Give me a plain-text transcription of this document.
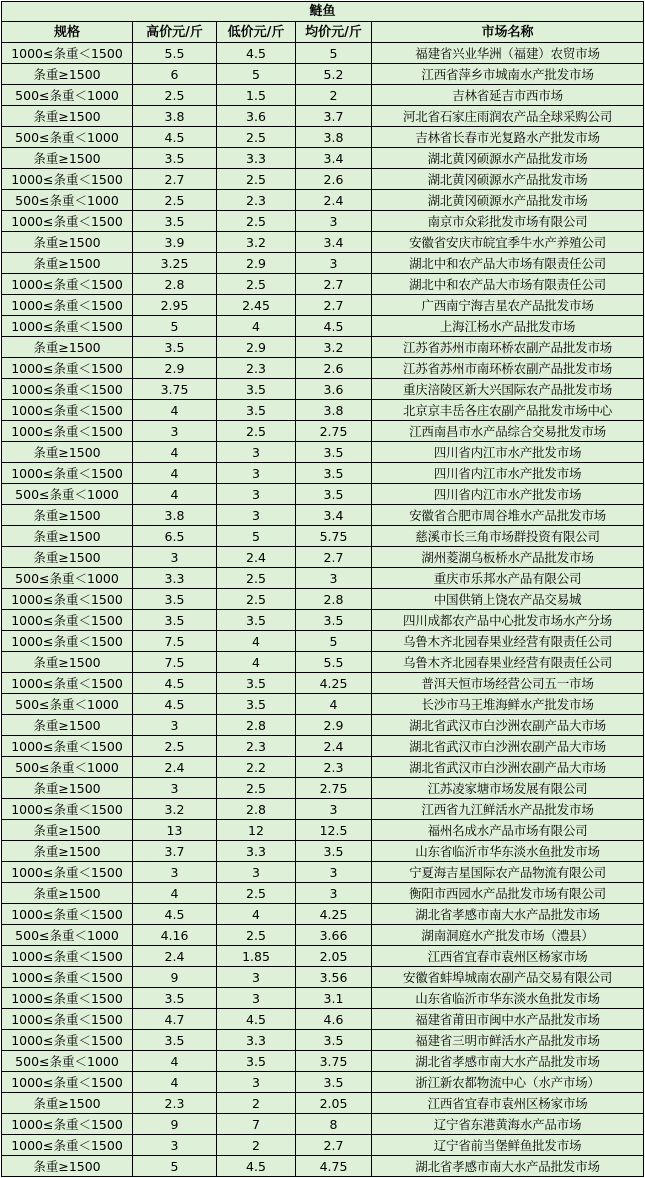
鲢鱼				
规格	高价元/斤	低价元/斤	均价元/斤	市场名称
1000≤条重＜1500	5.5	4.5	5	福建省兴业华洲（福建）农贸市场
条重≥1500	6	5	5.2	江西省萍乡市城南水产批发市场
500≤条重＜1000	2.5	1.5	2	吉林省延吉市西市场
条重≥1500	3.8	3.6	3.7	河北省石家庄雨润农产品全球采购公司
500≤条重＜1000	4.5	2.5	3.8	吉林省长春市光复路水产批发市场
条重≥1500	3.5	3.3	3.4	湖北黄冈硕源水产品批发市场
1000≤条重＜1500	2.7	2.5	2.6	湖北黄冈硕源水产品批发市场
500≤条重＜1000	2.5	2.3	2.4	湖北黄冈硕源水产品批发市场
1000≤条重＜1500	3.5	2.5	3	南京市众彩批发市场有限公司
条重≥1500	3.9	3.2	3.4	安徽省安庆市皖宜季牛水产养殖公司
条重≥1500	3.25	2.9	3	湖北中和农产品大市场有限责任公司
1000≤条重＜1500	2.8	2.5	2.7	湖北中和农产品大市场有限责任公司
1000≤条重＜1500	2.95	2.45	2.7	广西南宁海吉星农产品批发市场
1000≤条重＜1500	5	4	4.5	上海江杨水产品批发市场
条重≥1500	3.5	2.9	3.2	江苏省苏州市南环桥农副产品批发市场
1000≤条重＜1500	2.9	2.3	2.6	江苏省苏州市南环桥农副产品批发市场
1000≤条重＜1500	3.75	3.5	3.6	重庆涪陵区新大兴国际农产品批发市场
1000≤条重＜1500	4	3.5	3.8	北京京丰岳各庄农副产品批发市场中心
1000≤条重＜1500	3	2.5	2.75	江西南昌市水产品综合交易批发市场
条重≥1500	4	3	3.5	四川省内江市水产批发市场
1000≤条重＜1500	4	3	3.5	四川省内江市水产批发市场
500≤条重＜1000	4	3	3.5	四川省内江市水产批发市场
条重≥1500	3.8	3	3.4	安徽省合肥市周谷堆水产品批发市场
条重≥1500	6.5	5	5.75	慈溪市长三角市场群投资有限公司
条重≥1500	3	2.4	2.7	湖州菱湖乌板桥水产品批发市场
500≤条重＜1000	3.3	2.5	3	重庆市乐邦水产品有限公司
1000≤条重＜1500	3.5	2.5	2.8	中国供销上饶农产品交易城
1000≤条重＜1500	3.5	3.5	3.5	四川成都农产品中心批发市场水产分场
1000≤条重＜1500	7.5	4	5	乌鲁木齐北园春果业经营有限责任公司
条重≥1500	7.5	4	5.5	乌鲁木齐北园春果业经营有限责任公司
1000≤条重＜1500	4.5	3.5	4.25	普洱天恒市场经营公司五一市场
500≤条重＜1000	4.5	3.5	4	长沙市马王堆海鲜水产批发市场
条重≥1500	3	2.8	2.9	湖北省武汉市白沙洲农副产品大市场
1000≤条重＜1500	2.5	2.3	2.4	湖北省武汉市白沙洲农副产品大市场
500≤条重＜1000	2.4	2.2	2.3	湖北省武汉市白沙洲农副产品大市场
条重≥1500	3	2.5	2.75	江苏凌家塘市场发展有限公司
1000≤条重＜1500	3.2	2.8	3	江西省九江鲜活水产品批发市场
条重≥1500	13	12	12.5	福州名成水产品市场有限公司
条重≥1500	3.7	3.3	3.5	山东省临沂市华东淡水鱼批发市场
1000≤条重＜1500	3	3	3	宁夏海吉星国际农产品物流有限公司
条重≥1500	4	2.5	3	衡阳市西园水产品批发市场有限公司
1000≤条重＜1500	4.5	4	4.25	湖北省孝感市南大水产品批发市场
500≤条重＜1000	4.16	2.5	3.66	湖南洞庭水产批发市场（澧县）
1000≤条重＜1500	2.4	1.85	2.05	江西省宜春市袁州区杨家市场
1000≤条重＜1500	9	3	3.56	安徽省蚌埠城南农副产品交易有限公司
1000≤条重＜1500	3.5	3	3.1	山东省临沂市华东淡水鱼批发市场
1000≤条重＜1500	4.7	4.5	4.6	福建省莆田市闽中水产品批发市场
1000≤条重＜1500	3.5	3.3	3.5	福建省三明市鲜活水产品批发市场
500≤条重＜1000	4	3.5	3.75	湖北省孝感市南大水产品批发市场
1000≤条重＜1500	4	3	3.5	浙江新农都物流中心（水产市场）
条重≥1500	2.3	2	2.05	江西省宜春市袁州区杨家市场
1000≤条重＜1500	9	7	8	辽宁省东港黄海水产品市场
1000≤条重＜1500	3	2	2.7	辽宁省前当堡鲜鱼批发市场
条重≥1500	5	4.5	4.75	湖北省孝感市南大水产品批发市场
